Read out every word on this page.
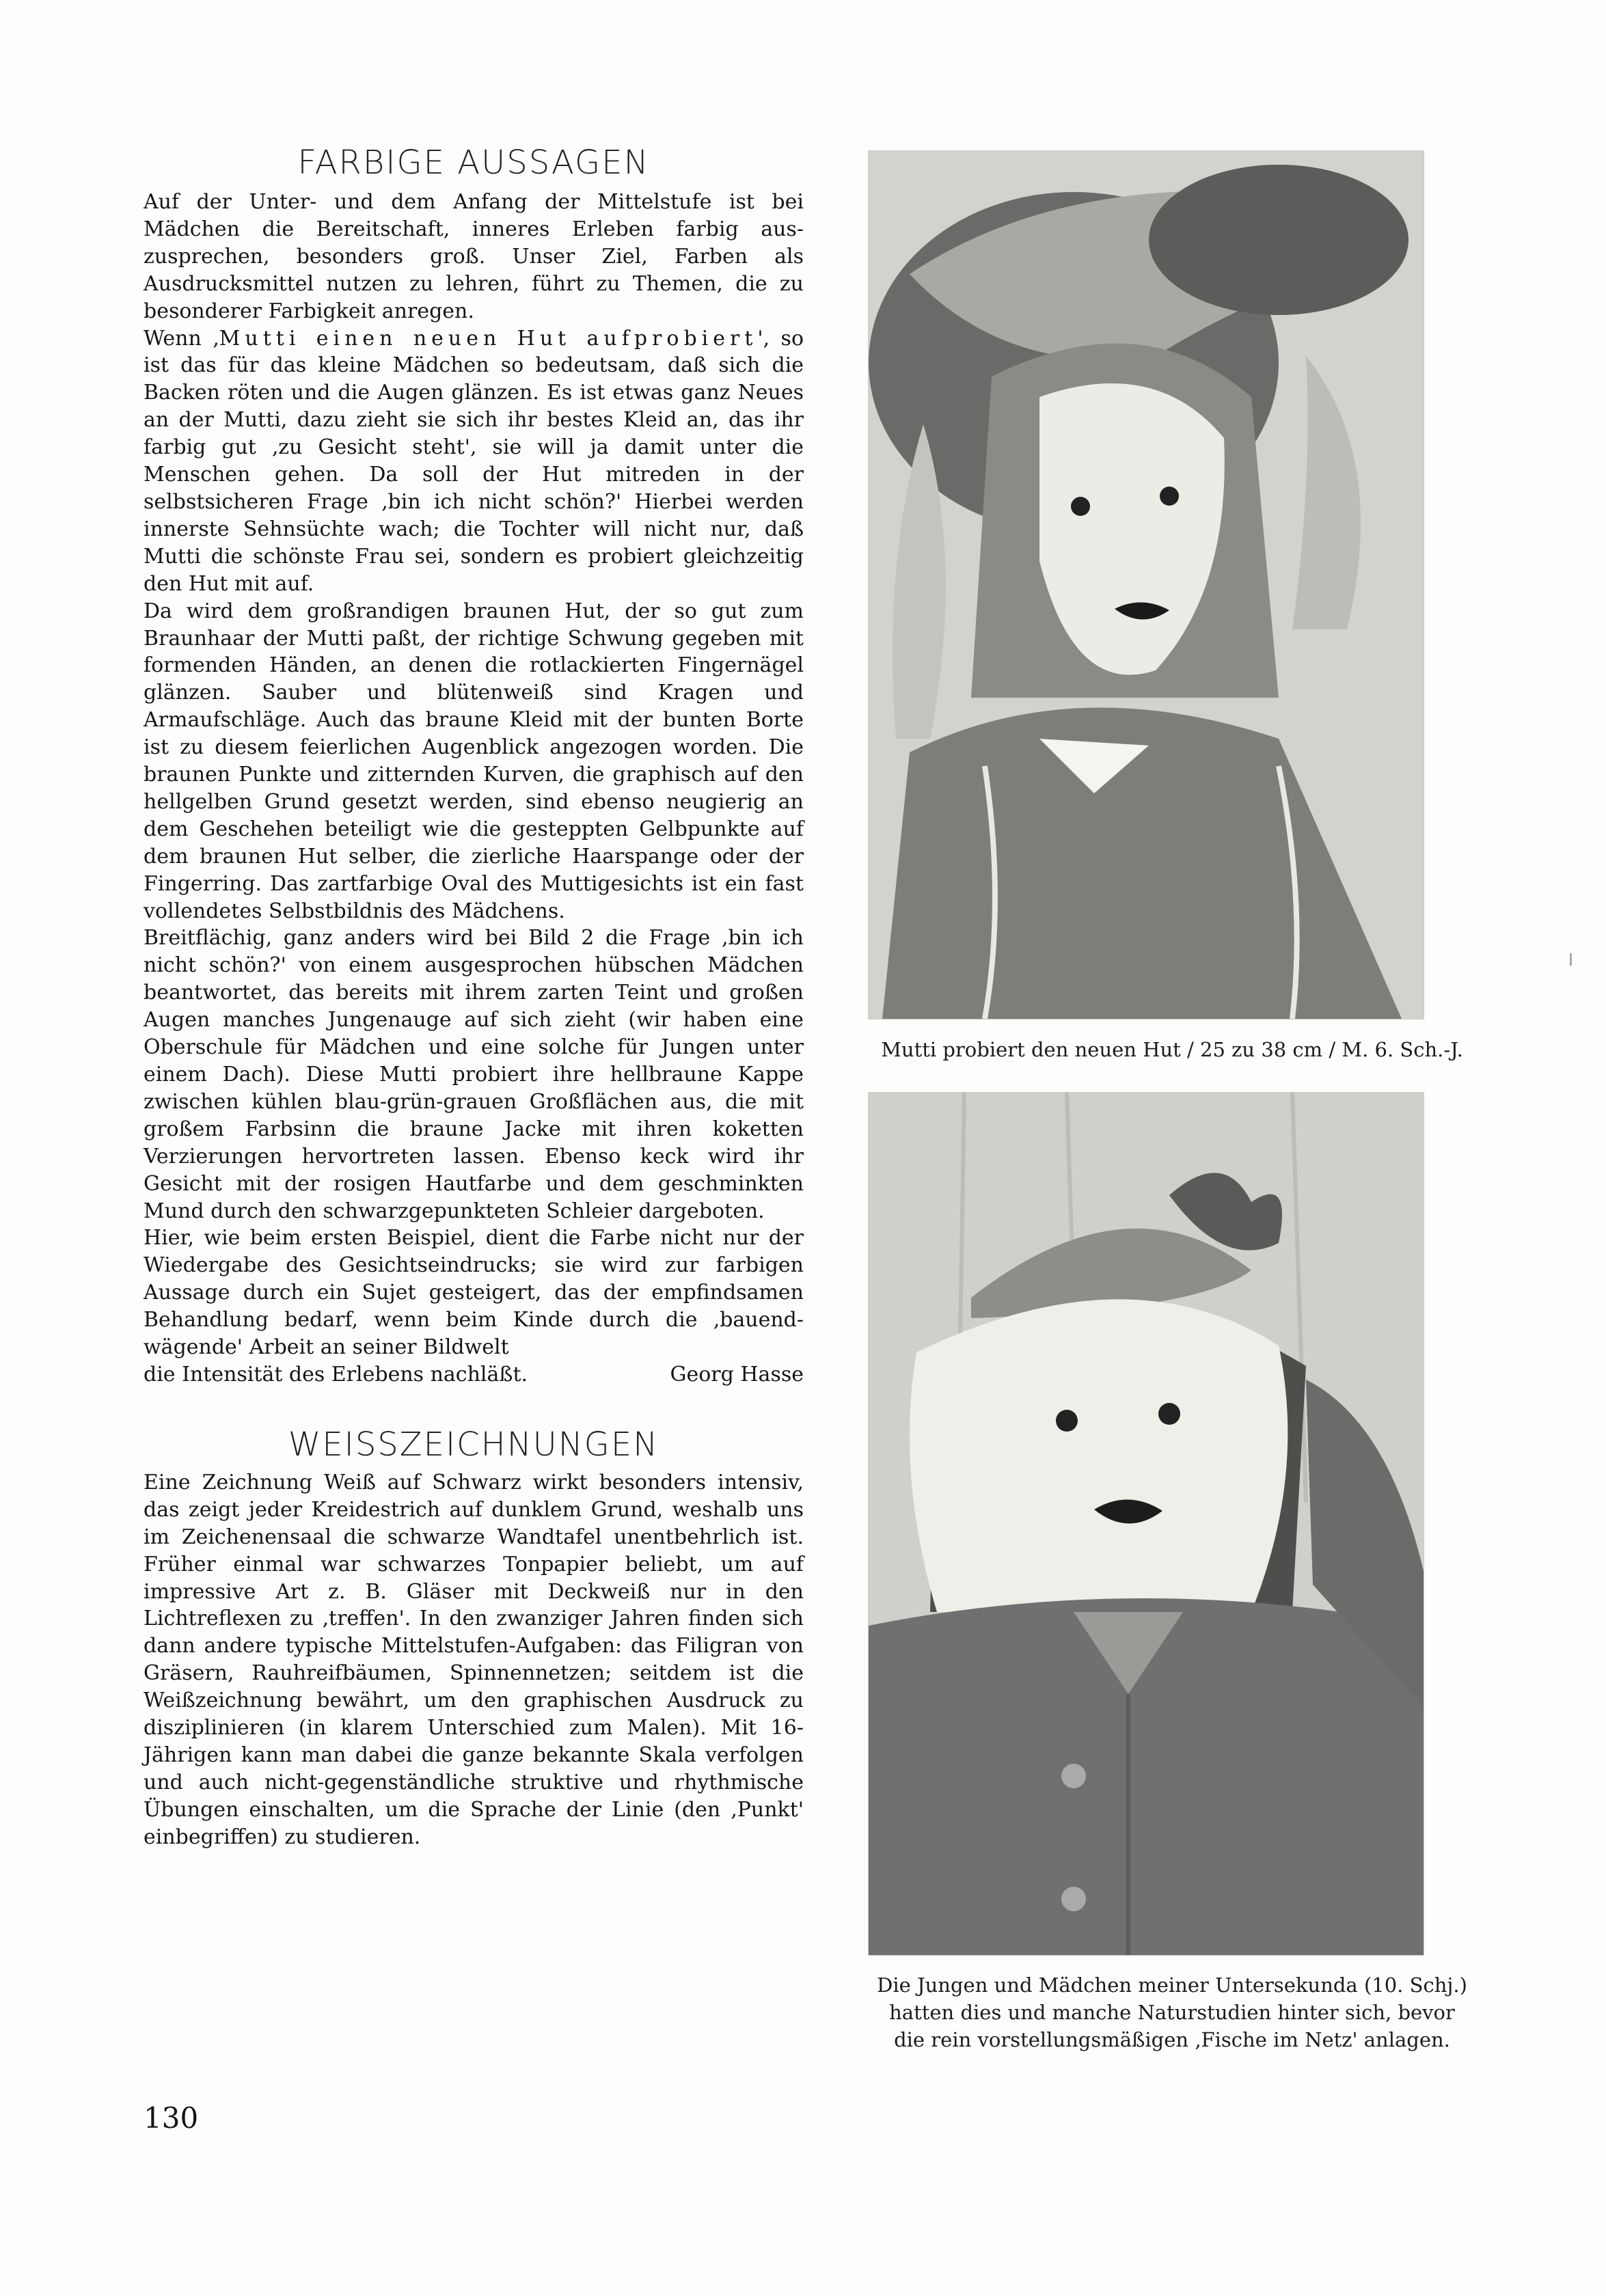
FARBIGE AUSSAGEN

Auf der Unter- und dem Anfang der Mittelstufe ist bei Mädchen die Bereitschaft, inneres Erleben farbig auszusprechen, besonders groß. Unser Ziel, Farben als Ausdrucksmittel nutzen zu lehren, führt zu Themen, die zu besonderer Farbigkeit anregen.

Wenn ‚Mutti einen neuen Hut aufprobiert', so ist das für das kleine Mädchen so bedeutsam, daß sich die Backen röten und die Augen glänzen. Es ist etwas ganz Neues an der Mutti, dazu zieht sie sich ihr bestes Kleid an, das ihr farbig gut ‚zu Gesicht steht', sie will ja damit unter die Menschen gehen. Da soll der Hut mitreden in der selbstsicheren Frage ‚bin ich nicht schön?' Hierbei werden innerste Sehnsüchte wach; die Tochter will nicht nur, daß Mutti die schönste Frau sei, sondern es probiert gleichzeitig den Hut mit auf.

Da wird dem großrandigen braunen Hut, der so gut zum Braunhaar der Mutti paßt, der richtige Schwung gegeben mit formenden Händen, an denen die rotlackierten Fingernägel glänzen. Sauber und blütenweiß sind Kragen und Armaufschläge. Auch das braune Kleid mit der bunten Borte ist zu diesem feierlichen Augenblick angezogen worden. Die braunen Punkte und zitternden Kurven, die graphisch auf den hellgelben Grund gesetzt werden, sind ebenso neugierig an dem Geschehen beteiligt wie die gesteppten Gelbpunkte auf dem braunen Hut selber, die zierliche Haarspange oder der Fingerring. Das zartfarbige Oval des Muttigesichts ist ein fast vollendetes Selbstbildnis des Mädchens.

Breitflächig, ganz anders wird bei Bild 2 die Frage ‚bin ich nicht schön?' von einem ausgesprochen hübschen Mädchen beantwortet, das bereits mit ihrem zarten Teint und großen Augen manches Jungenauge auf sich zieht (wir haben eine Oberschule für Mädchen und eine solche für Jungen unter einem Dach). Diese Mutti probiert ihre hellbraune Kappe zwischen kühlen blau-grün-grauen Großflächen aus, die mit großem Farbsinn die braune Jacke mit ihren koketten Verzierungen hervortreten lassen. Ebenso keck wird ihr Gesicht mit der rosigen Hautfarbe und dem geschminkten Mund durch den schwarzgepunkteten Schleier dargeboten.

Hier, wie beim ersten Beispiel, dient die Farbe nicht nur der Wiedergabe des Gesichtseindrucks; sie wird zur farbigen Aussage durch ein Sujet gesteigert, das der empfindsamen Behandlung bedarf, wenn beim Kinde durch die ‚bauend-wägende' Arbeit an seiner Bildwelt

die Intensität des Erlebens nachläßt.	Georg Hasse
WEISSZEICHNUNGEN

Eine Zeichnung Weiß auf Schwarz wirkt besonders intensiv, das zeigt jeder Kreidestrich auf dunklem Grund, weshalb uns im Zeichenensaal die schwarze Wandtafel unentbehrlich ist. Früher einmal war schwarzes Tonpapier beliebt, um auf impressive Art z. B. Gläser mit Deckweiß nur in den Lichtreflexen zu ‚treffen'. In den zwanziger Jahren finden sich dann andere typische Mittelstufen-Aufgaben: das Filigran von Gräsern, Rauhreifbäumen, Spinnennetzen; seitdem ist die Weißzeichnung bewährt, um den graphischen Ausdruck zu disziplinieren (in klarem Unterschied zum Malen). Mit 16-Jährigen kann man dabei die ganze bekannte Skala verfolgen und auch nicht-gegenständliche struktive und rhythmische Übungen einschalten, um die Sprache der Linie (den ‚Punkt' einbegriffen) zu studieren.

Mutti probiert den neuen Hut / 25 zu 38 cm / M. 6. Sch.-J.
Die Jungen und Mädchen meiner Untersekunda (10. Schj.)
hatten dies und manche Naturstudien hinter sich, bevor
die rein vorstellungsmäßigen ‚Fische im Netz' anlagen.
130
